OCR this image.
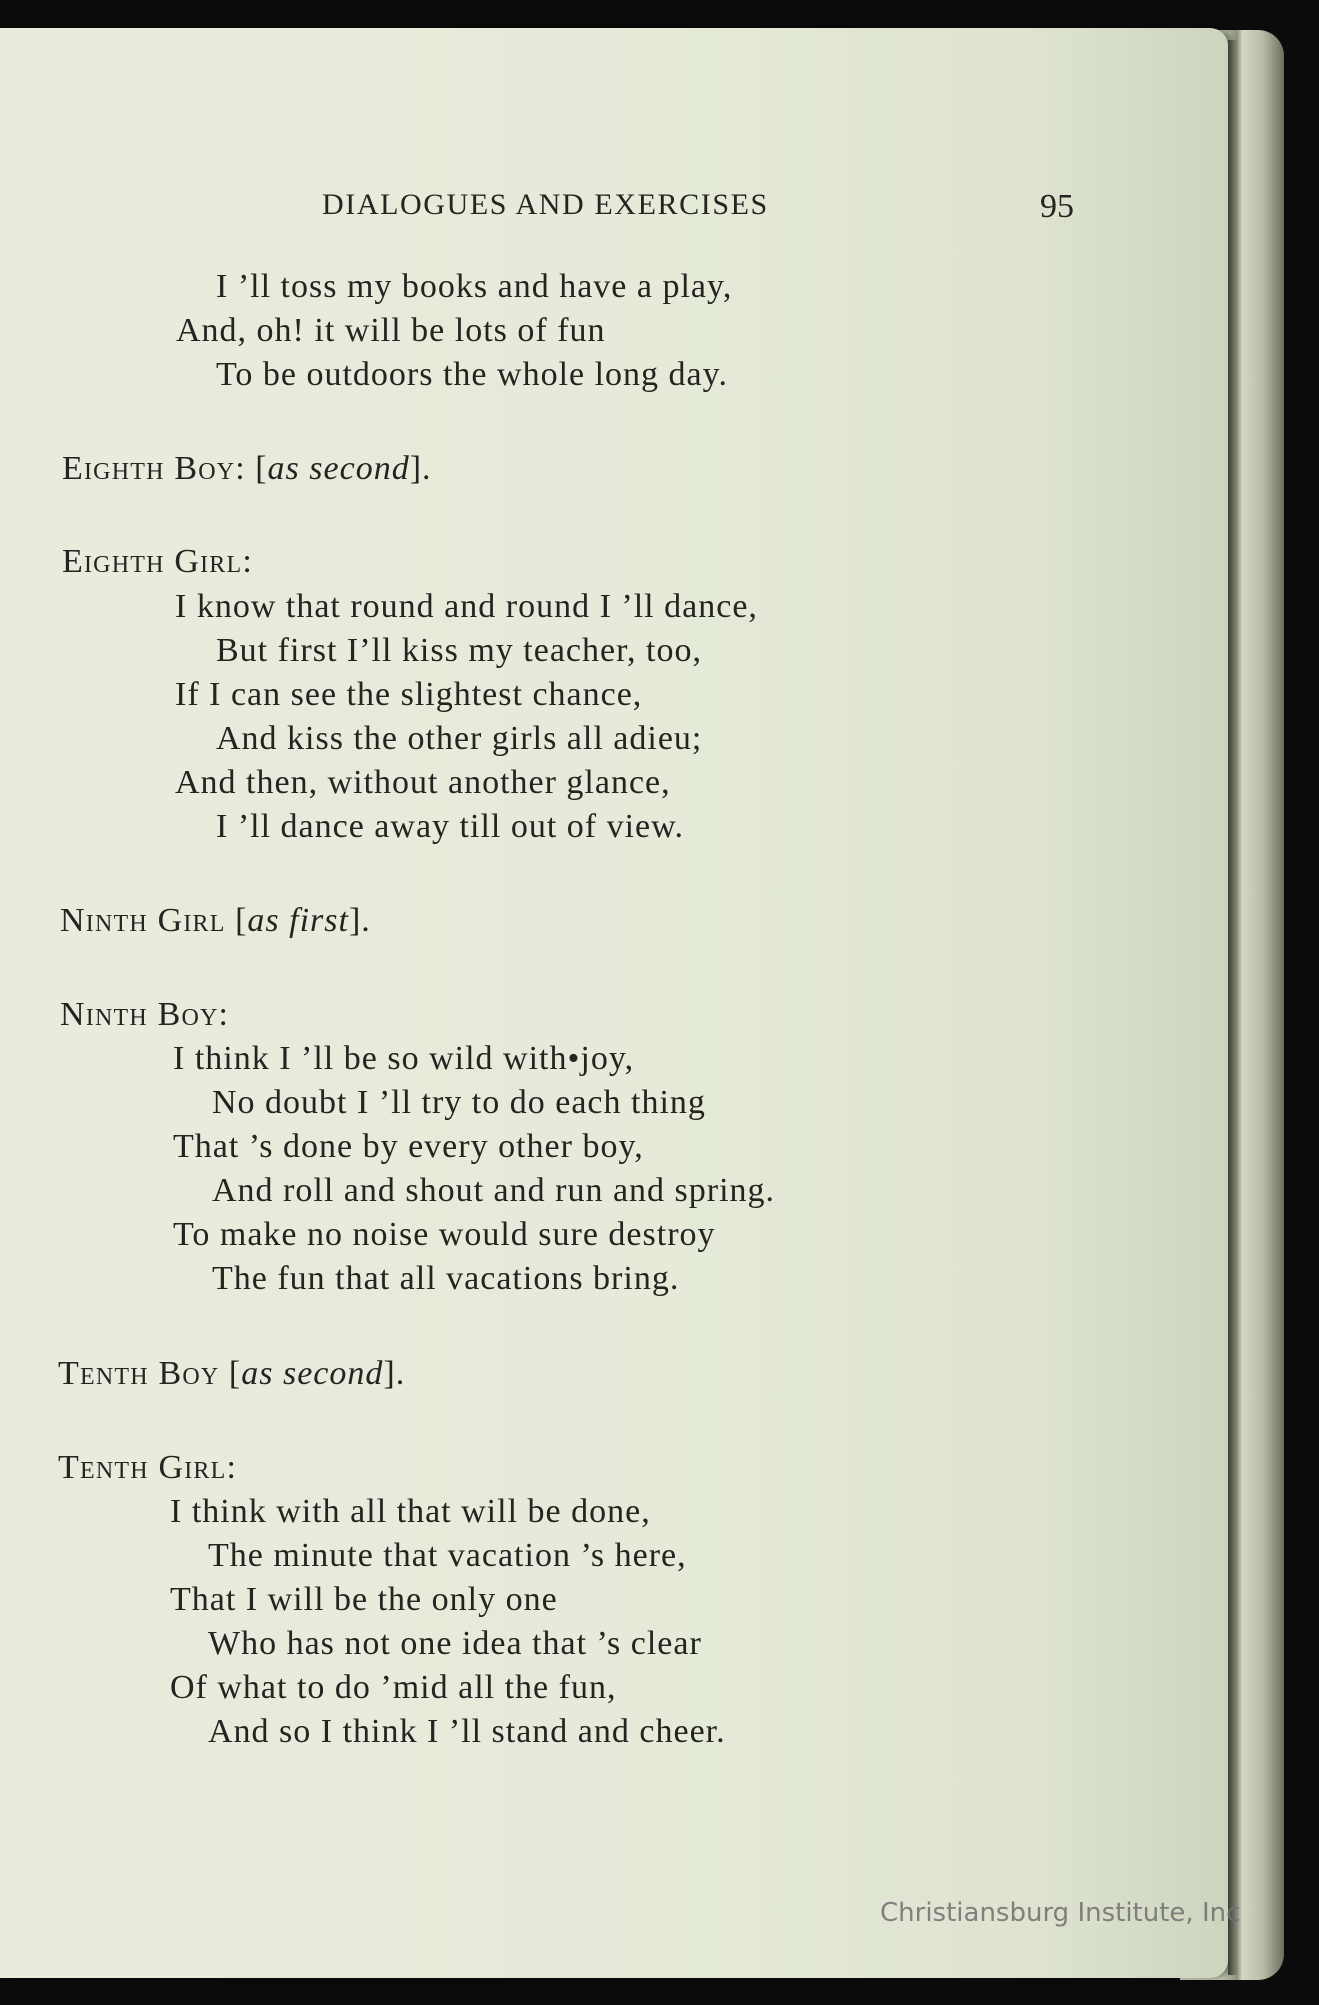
DIALOGUES AND EXERCISES	95
I ’ll toss my books and have a play,
And, oh! it will be lots of fun
To be outdoors the whole long day.
Eighth Boy: [as second].
Eighth Girl:
I know that round and round I ’ll dance,
But first I’ll kiss my teacher, too,
If I can see the slightest chance,
And kiss the other girls all adieu;
And then, without another glance,
I ’ll dance away till out of view.
Ninth Girl [as first].
Ninth Boy:
I think I ’ll be so wild with•joy,
No doubt I ’ll try to do each thing
That ’s done by every other boy,
And roll and shout and run and spring.
To make no noise would sure destroy
The fun that all vacations bring.
Tenth Boy [as second].
Tenth Girl:
I think with all that will be done,
The minute that vacation ’s here,
That I will be the only one
Who has not one idea that ’s clear
Of what to do ’mid all the fun,
And so I think I ’ll stand and cheer.
Christiansburg Institute, Inc
